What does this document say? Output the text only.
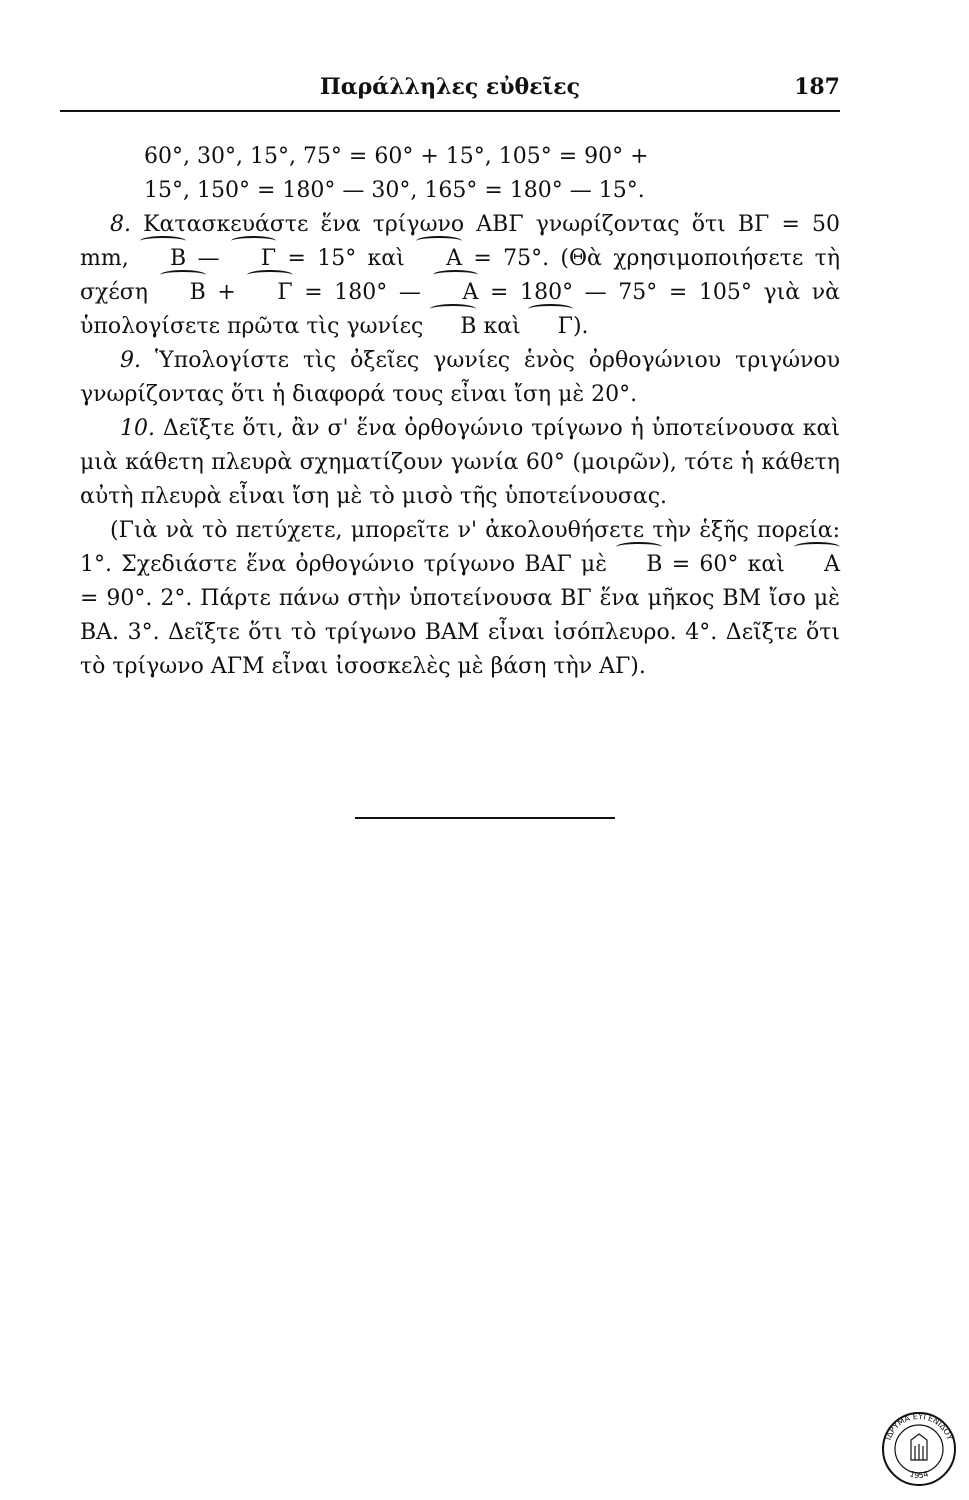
Παράλληλες εὐθεῖες	187

60°, 30°, 15°, 75° = 60° + 15°, 105° = 90° +

15°, 150° = 180° — 30°, 165° = 180° — 15°.

8. Κατασκευάστε ἕνα τρίγωνο ΑΒΓ γνωρίζοντας ὅτι ΒΓ = 50 mm, Β — Γ = 15° καὶ Α = 75°. (Θὰ χρησιμοποιήσετε τὴ σχέση Β + Γ = 180° — Α = 180° — 75° = 105° γιὰ νὰ ὑπολογίσετε πρῶτα τὶς γωνίες Β καὶ Γ).

9. Ὑπολογίστε τὶς ὀξεῖες γωνίες ἑνὸς ὀρθογώνιου τριγώνου γνωρίζοντας ὅτι ἡ διαφορά τους εἶναι ἴση μὲ 20°.

10. Δεῖξτε ὅτι, ἂν σ' ἕνα ὀρθογώνιο τρίγωνο ἡ ὑποτείνουσα καὶ μιὰ κάθετη πλευρὰ σχηματίζουν γωνία 60° (μοιρῶν), τότε ἡ κάθετη αὐτὴ πλευρὰ εἶναι ἴση μὲ τὸ μισὸ τῆς ὑποτείνουσας.

(Γιὰ νὰ τὸ πετύχετε, μπορεῖτε ν' ἀκολουθήσετε τὴν ἑξῆς πορεία: 1°. Σχεδιάστε ἕνα ὀρθογώνιο τρίγωνο ΒΑΓ μὲ Β = 60° καὶ Α = 90°. 2°. Πάρτε πάνω στὴν ὑποτείνουσα ΒΓ ἕνα μῆκος ΒΜ ἴσο μὲ ΒΑ. 3°. Δεῖξτε ὅτι τὸ τρίγωνο ΒΑΜ εἶναι ἰσόπλευρο. 4°. Δεῖξτε ὅτι τὸ τρίγωνο ΑΓΜ εἶναι ἰσοσκελὲς μὲ βάση τὴν ΑΓ).

ΙΔΡΥΜΑ ΕΥΓΕΝΙΔΟΥ
1954
